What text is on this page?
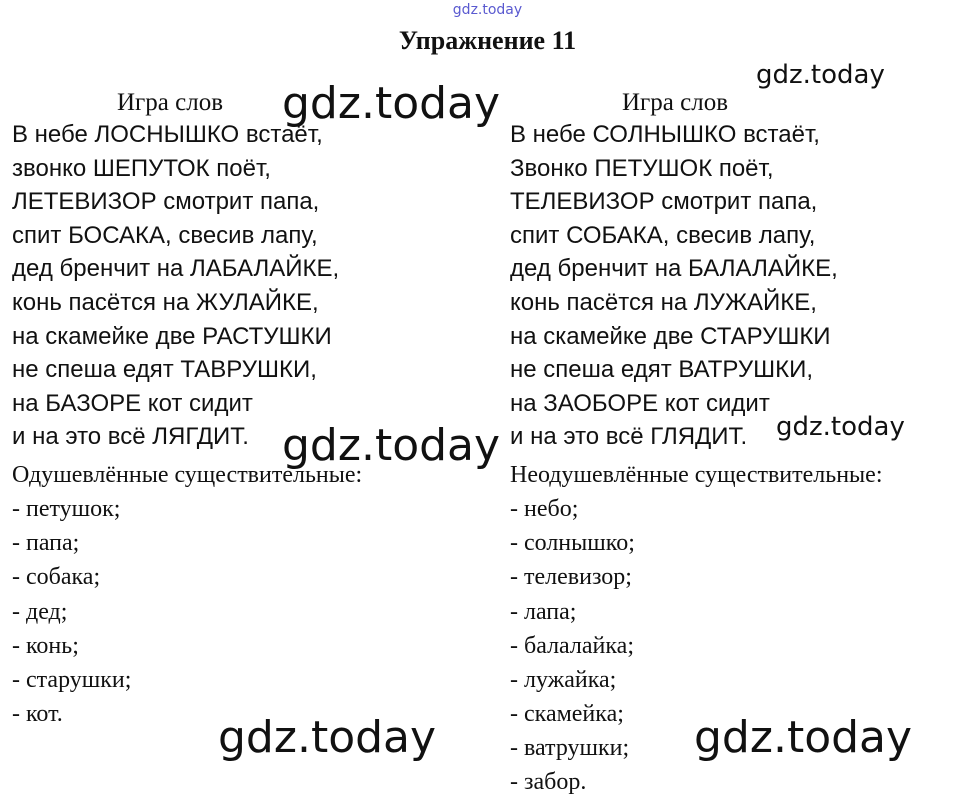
gdz.today
Упражнение 11
Игра слов
В небе ЛОСНЫШКО встаёт,
звонко ШЕПУТОК поёт,
ЛЕТЕВИЗОР смотрит папа,
спит БОСАКА, свесив лапу,
дед бренчит на ЛАБАЛАЙКЕ,
конь пасётся на ЖУЛАЙКЕ,
на скамейке две РАСТУШКИ
не спеша едят ТАВРУШКИ,
на БАЗОРЕ кот сидит
и на это всё ЛЯГДИТ.
Одушевлённые существительные:
- петушок;
- папа;
- собака;
- дед;
- конь;
- старушки;
- кот.
Игра слов
В небе СОЛНЫШКО встаёт,
Звонко ПЕТУШОК поёт,
ТЕЛЕВИЗОР смотрит папа,
спит СОБАКА, свесив лапу,
дед бренчит на БАЛАЛАЙКЕ,
конь пасётся на ЛУЖАЙКЕ,
на скамейке две СТАРУШКИ
не спеша едят ВАТРУШКИ,
на ЗАОБОРЕ кот сидит
и на это всё ГЛЯДИТ.
Неодушевлённые существительные:
- небо;
- солнышко;
- телевизор;
- лапа;
- балалайка;
- лужайка;
- скамейка;
- ватрушки;
- забор.
gdz.today
gdz.today
gdz.today	gdz.today
gdz.today	gdz.today
